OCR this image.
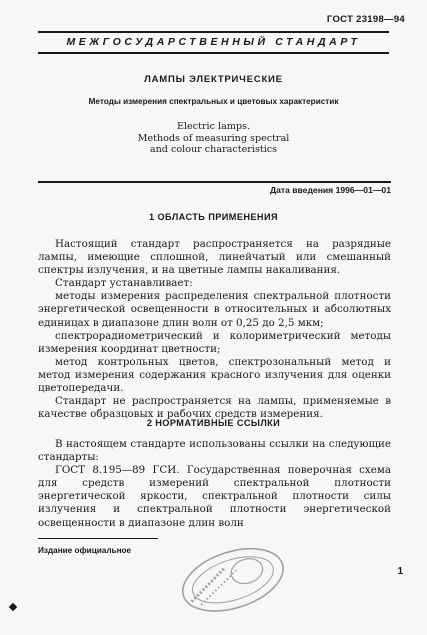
ГОСТ 23198—94
МЕЖГОСУДАРСТВЕННЫЙ СТАНДАРТ
ЛАМПЫ ЭЛЕКТРИЧЕСКИЕ
Методы измерения спектральных и цветовых характеристик
Electric lamps.
Methods of measuring spectral
and colour characteristics
Дата введения 1996—01—01
1 ОБЛАСТЬ ПРИМЕНЕНИЯ

Настоящий стандарт распространяется на разрядные лампы, имеющие сплошной, линейчатый или смешанный спектры излучения, и на цветные лампы накаливания.

Стандарт устанавливает:

методы измерения распределения спектральной плотности энергетической освещенности в относительных и абсолютных единицах в диапазоне длин волн от 0,25 до 2,5 мкм;

спектрорадиометрический и колориметрический методы измерения координат цветности;

метод контрольных цветов, спектрозональный метод и метод измерения содержания красного излучения для оценки цветопередачи.

Стандарт не распространяется на лампы, применяемые в качестве образцовых и рабочих средств измерения.

2 НОРМАТИВНЫЕ ССЫЛКИ

В настоящем стандарте использованы ссылки на следующие стандарты:

ГОСТ 8.195—89 ГСИ. Государственная поверочная схема для средств измерений спектральной плотности энергетической яркости, спектральной плотности силы излучения и спектральной плотности энергетической освещенности в диапазоне длин волн

Издание официальное
1
